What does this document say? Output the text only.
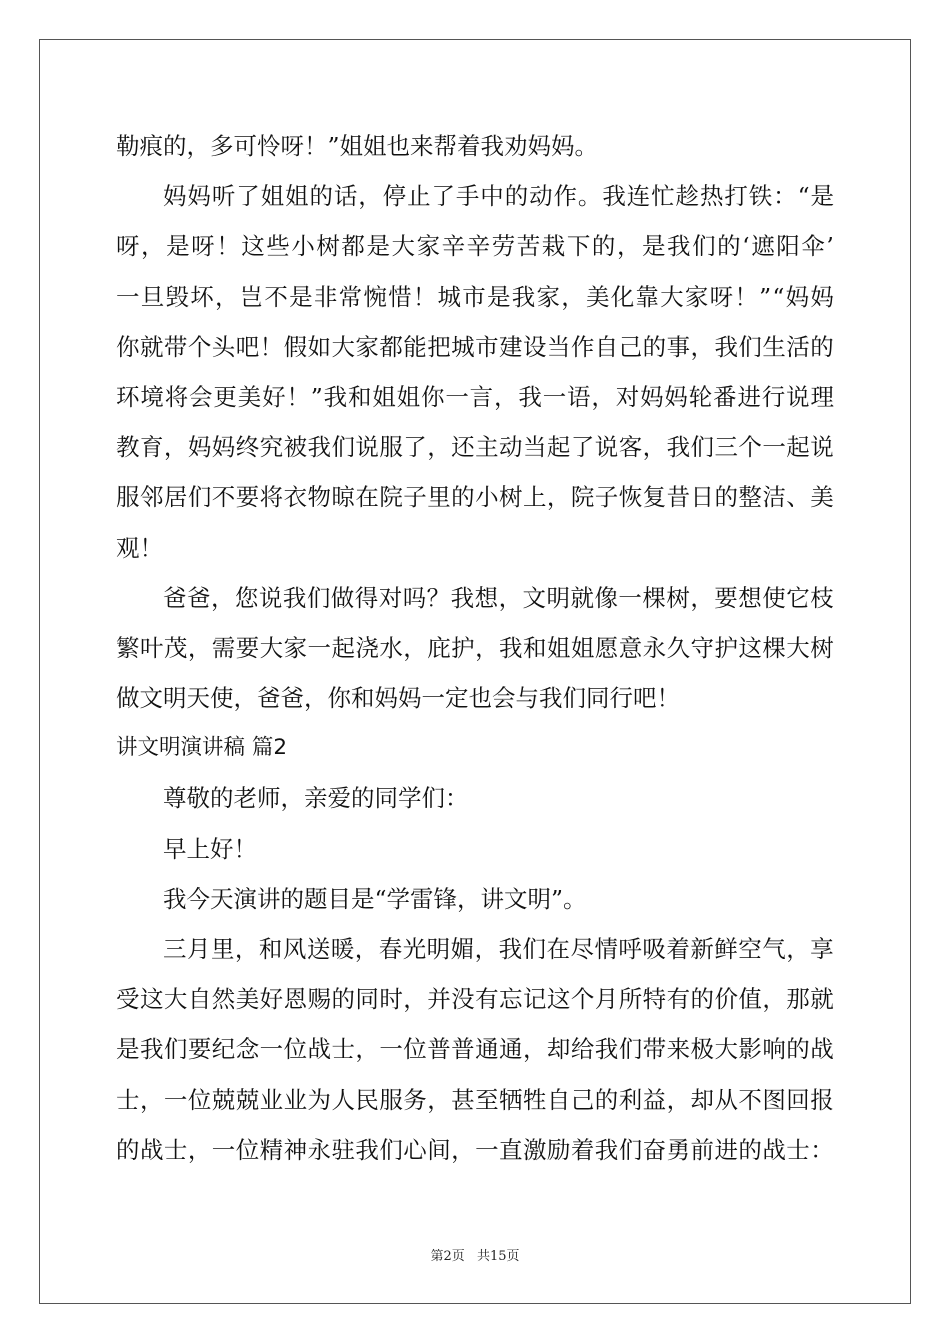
勒痕的，多可怜呀！”姐姐也来帮着我劝妈妈。
妈 妈 听 了 姐 姐 的 话 ， 停 止 了 手 中 的 动 作 。 我 连 忙 趁 热 打 铁 ： “ 是
呀 ， 是 呀 ！ 这 些 小 树 都 是 大 家 辛 辛 劳 苦 栽 下 的 ， 是 我 们 的 ‘ 遮 阳 伞 ’
一 旦 毁 坏 ， 岂 不 是 非 常 惋 惜 ！ 城 市 是 我 家 ， 美 化 靠 大 家 呀 ！ ” “ 妈 妈
你 就 带 个 头 吧 ！ 假 如 大 家 都 能 把 城 市 建 设 当 作 自 己 的 事 ， 我 们 生 活 的
环 境 将 会 更 美 好 ！ ” 我 和 姐 姐 你 一 言 ， 我 一 语 ， 对 妈 妈 轮 番 进 行 说 理
教 育 ， 妈 妈 终 究 被 我 们 说 服 了 ， 还 主 动 当 起 了 说 客 ， 我 们 三 个 一 起 说
服 邻 居 们 不 要 将 衣 物 晾 在 院 子 里 的 小 树 上 ， 院 子 恢 复 昔 日 的 整 洁 、 美
观！
爸 爸 ， 您 说 我 们 做 得 对 吗 ？ 我 想 ， 文 明 就 像 一 棵 树 ， 要 想 使 它 枝
繁 叶 茂 ， 需 要 大 家 一 起 浇 水 ， 庇 护 ， 我 和 姐 姐 愿 意 永 久 守 护 这 棵 大 树
做文明天使，爸爸，你和妈妈一定也会与我们同行吧！
讲文明演讲稿 篇2
尊敬的老师，亲爱的同学们：
早上好！
我今天演讲的题目是“学雷锋，讲文明”。
三 月 里 ， 和 风 送 暖 ， 春 光 明 媚 ， 我 们 在 尽 情 呼 吸 着 新 鲜 空 气 ， 享
受 这 大 自 然 美 好 恩 赐 的 同 时 ， 并 没 有 忘 记 这 个 月 所 特 有 的 价 值 ， 那 就
是 我 们 要 纪 念 一 位 战 士 ， 一 位 普 普 通 通 ， 却 给 我 们 带 来 极 大 影 响 的 战
士 ， 一 位 兢 兢 业 业 为 人 民 服 务 ， 甚 至 牺 牲 自 己 的 利 益 ， 却 从 不 图 回 报
的 战 士 ， 一 位 精 神 永 驻 我 们 心 间 ， 一 直 激 励 着 我 们 奋 勇 前 进 的 战 士 ：
第2页 共15页
